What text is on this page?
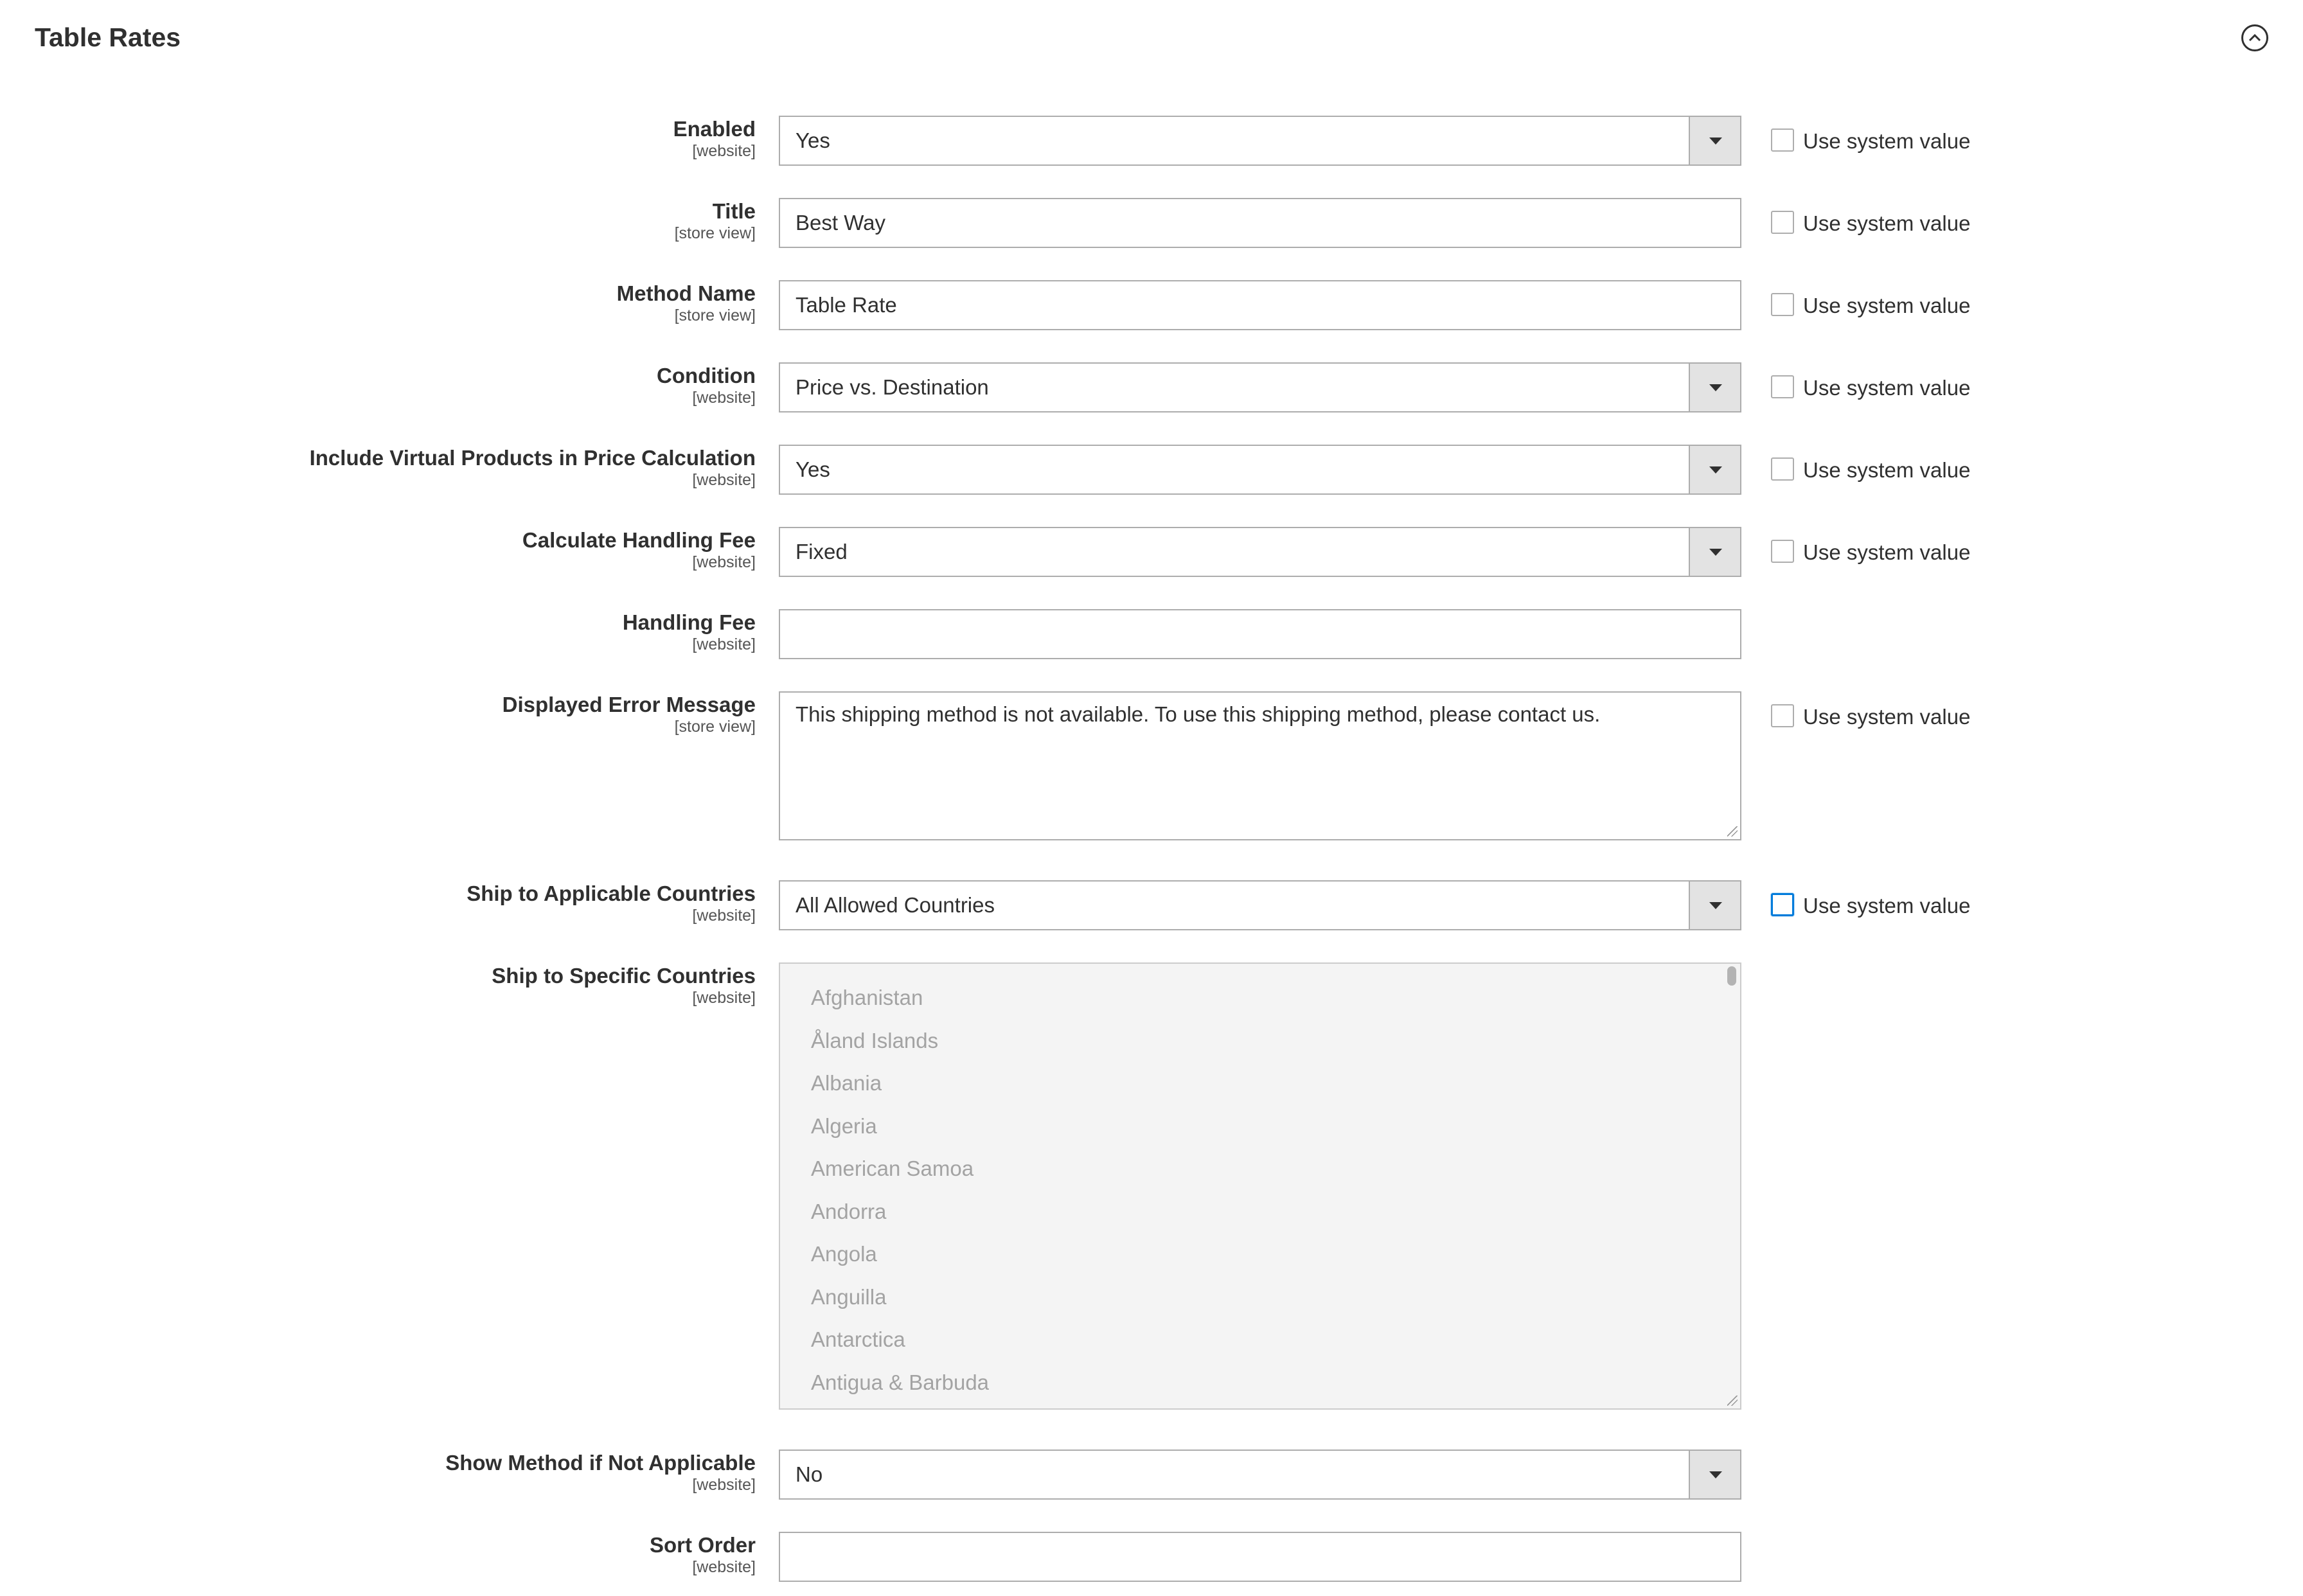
Table Rates
Enabled
[website]	Yes	Use system value
Title
[store view]	Best Way	Use system value
Method Name
[store view]	Table Rate	Use system value
Condition
[website]	Price vs. Destination	Use system value
Include Virtual Products in Price Calculation
[website]	Yes	Use system value
Calculate Handling Fee
[website]	Fixed	Use system value
Handling Fee
[website]
Displayed Error Message
[store view]
This shipping method is not available. To use this shipping method, please contact us.	Use system value
Ship to Applicable Countries
[website]	All Allowed Countries	Use system value
Ship to Specific Countries
[website]	Afghanistan
Åland Islands
Albania
Algeria
American Samoa
Andorra
Angola
Anguilla
Antarctica
Antigua & Barbuda
Show Method if Not Applicable
[website]	No
Sort Order
[website]
